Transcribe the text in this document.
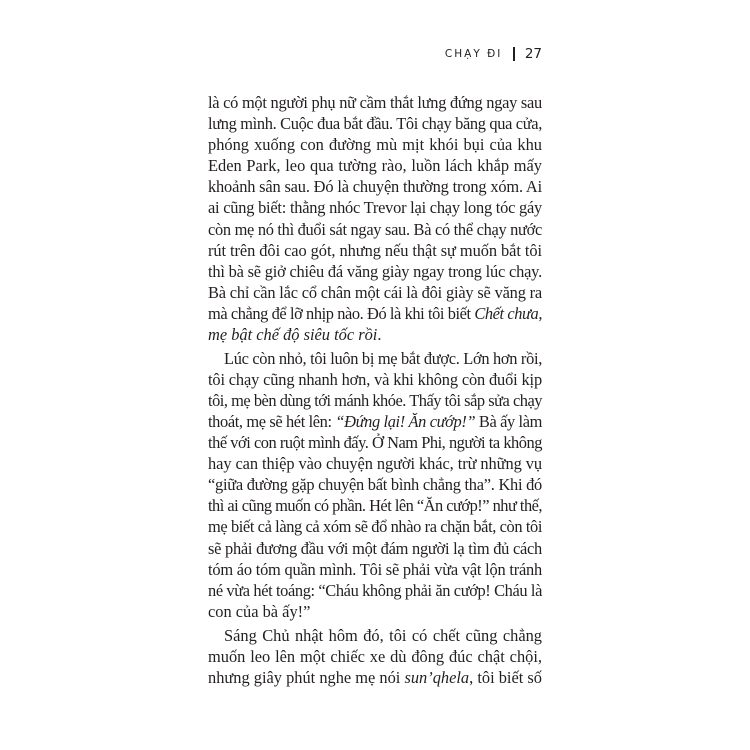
CHẠY ĐI 27
là có một người phụ nữ cầm thắt lưng đứng ngay sau
lưng mình. Cuộc đua bắt đầu. Tôi chạy băng qua cửa,
phóng xuống con đường mù mịt khói bụi của khu
Eden Park, leo qua tường rào, luồn lách khắp mấy
khoảnh sân sau. Đó là chuyện thường trong xóm. Ai
ai cũng biết: thằng nhóc Trevor lại chạy long tóc gáy
còn mẹ nó thì đuổi sát ngay sau. Bà có thể chạy nước
rút trên đôi cao gót, nhưng nếu thật sự muốn bắt tôi
thì bà sẽ giở chiêu đá văng giày ngay trong lúc chạy.
Bà chỉ cần lắc cổ chân một cái là đôi giày sẽ văng ra
mà chẳng để lỡ nhịp nào. Đó là khi tôi biết Chết chưa,
mẹ bật chế độ siêu tốc rồi.
Lúc còn nhỏ, tôi luôn bị mẹ bắt được. Lớn hơn rồi,
tôi chạy cũng nhanh hơn, và khi không còn đuổi kịp
tôi, mẹ bèn dùng tới mánh khóe. Thấy tôi sắp sửa chạy
thoát, mẹ sẽ hét lên: “Đứng lại! Ăn cướp!” Bà ấy làm
thế với con ruột mình đấy. Ở Nam Phi, người ta không
hay can thiệp vào chuyện người khác, trừ những vụ
“giữa đường gặp chuyện bất bình chẳng tha”. Khi đó
thì ai cũng muốn có phần. Hét lên “Ăn cướp!” như thế,
mẹ biết cả làng cả xóm sẽ đổ nhào ra chặn bắt, còn tôi
sẽ phải đương đầu với một đám người lạ tìm đủ cách
tóm áo tóm quần mình. Tôi sẽ phải vừa vật lộn tránh
né vừa hét toáng: “Cháu không phải ăn cướp! Cháu là
con của bà ấy!”
Sáng Chủ nhật hôm đó, tôi có chết cũng chẳng
muốn leo lên một chiếc xe dù đông đúc chật chội,
nhưng giây phút nghe mẹ nói sun’qhela, tôi biết số
